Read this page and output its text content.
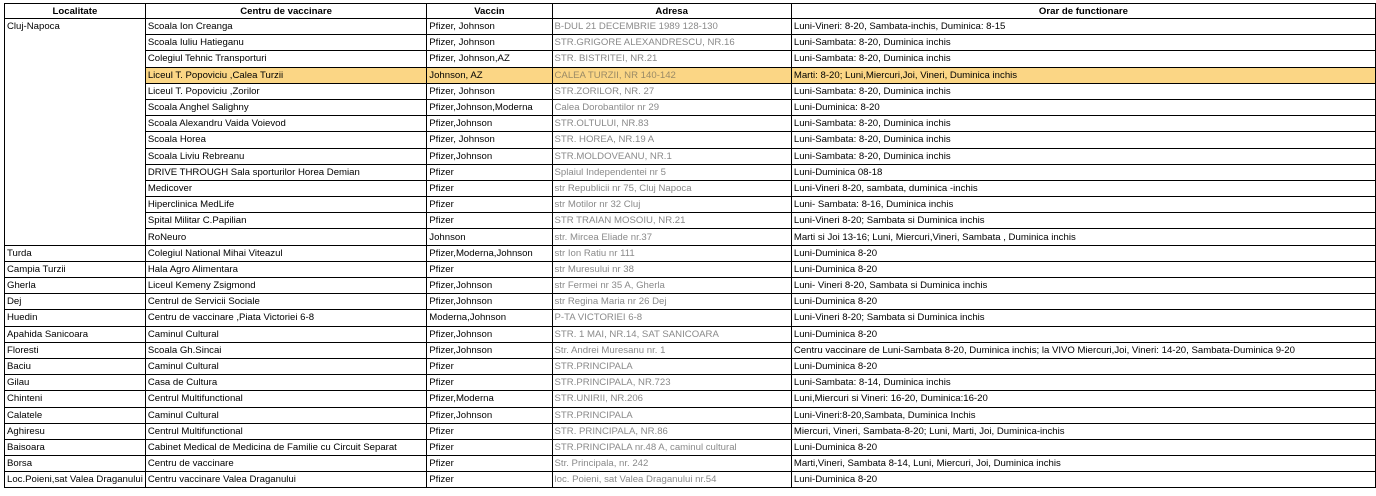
Localitate	Centru de vaccinare	Vaccin	Adresa	Orar de functionare
Cluj-Napoca	Scoala Ion Creanga	Pfizer, Johnson	B-DUL 21 DECEMBRIE 1989 128-130	Luni-Vineri: 8-20, Sambata-inchis, Duminica: 8-15
	Scoala Iuliu Hatieganu	Pfizer, Johnson	STR.GRIGORE ALEXANDRESCU, NR.16	Luni-Sambata: 8-20, Duminica inchis
	Colegiul Tehnic Transporturi	Pfizer, Johnson,AZ	STR. BISTRITEI, NR.21	Luni-Sambata: 8-20, Duminica inchis
	Liceul T. Popoviciu ,Calea Turzii	Johnson, AZ	CALEA TURZII, NR 140-142	Marti: 8-20; Luni,Miercuri,Joi, Vineri, Duminica inchis
	Liceul T. Popoviciu ,Zorilor	Pfizer, Johnson	STR.ZORILOR, NR. 27	Luni-Sambata: 8-20, Duminica inchis
	Scoala Anghel Salighny	Pfizer,Johnson,Moderna	Calea Dorobantilor nr 29	Luni-Duminica: 8-20
	Scoala Alexandru Vaida Voievod	Pfizer,Johnson	STR.OLTULUI, NR.83	Luni-Sambata: 8-20, Duminica inchis
	Scoala Horea	Pfizer, Johnson	STR. HOREA, NR.19 A	Luni-Sambata: 8-20, Duminica inchis
	Scoala Liviu Rebreanu	Pfizer,Johnson	STR.MOLDOVEANU, NR.1	Luni-Sambata: 8-20, Duminica inchis
	DRIVE THROUGH Sala sporturilor Horea Demian	Pfizer	Splaiul Independentei nr 5	Luni-Duminica 08-18
	Medicover	Pfizer	str Republicii nr 75, Cluj Napoca	Luni-Vineri 8-20, sambata, duminica -inchis
	Hiperclinica MedLife	Pfizer	str Motilor nr 32 Cluj	Luni- Sambata: 8-16, Duminica inchis
	Spital Militar C.Papilian	Pfizer	STR TRAIAN MOSOIU, NR.21	Luni-Vineri 8-20; Sambata si Duminica inchis
	RoNeuro	Johnson	str. Mircea Eliade nr.37	Marti si Joi 13-16; Luni, Miercuri,Vineri, Sambata , Duminica inchis
Turda	Colegiul National Mihai Viteazul	Pfizer,Moderna,Johnson	str Ion Ratiu nr 111	Luni-Duminica 8-20
Campia Turzii	Hala Agro Alimentara	Pfizer	str Muresului nr 38	Luni-Duminica 8-20
Gherla	Liceul Kemeny Zsigmond	Pfizer,Johnson	str Fermei nr 35 A, Gherla	Luni- Vineri 8-20, Sambata si Duminica inchis
Dej	Centrul de Servicii Sociale	Pfizer,Johnson	str Regina Maria nr 26 Dej	Luni-Duminica 8-20
Huedin	Centru de vaccinare ,Piata Victoriei 6-8	Moderna,Johnson	P-TA VICTORIEI 6-8	Luni-Vineri 8-20; Sambata si Duminica inchis
Apahida Sanicoara	Caminul Cultural	Pfizer,Johnson	STR. 1 MAI, NR.14, SAT SANICOARA	Luni-Duminica 8-20
Floresti	Scoala Gh.Sincai	Pfizer,Johnson	Str. Andrei Muresanu nr. 1	Centru vaccinare de Luni-Sambata 8-20, Duminica inchis; la VIVO Miercuri,Joi, Vineri: 14-20, Sambata-Duminica 9-20
Baciu	Caminul Cultural	Pfizer	STR.PRINCIPALA	Luni-Duminica 8-20
Gilau	Casa de Cultura	Pfizer	STR.PRINCIPALA, NR.723	Luni-Sambata: 8-14, Duminica inchis
Chinteni	Centrul Multifunctional	Pfizer,Moderna	STR.UNIRII, NR.206	Luni,Miercuri si Vineri: 16-20, Duminica:16-20
Calatele	Caminul Cultural	Pfizer,Johnson	STR.PRINCIPALA	Luni-Vineri:8-20,Sambata, Duminica Inchis
Aghiresu	Centrul Multifunctional	Pfizer	STR. PRINCIPALA, NR.86	Miercuri, Vineri, Sambata-8-20; Luni, Marti, Joi, Duminica-inchis
Baisoara	Cabinet Medical de Medicina de Familie cu Circuit Separat	Pfizer	STR.PRINCIPALA nr.48 A, caminul cultural	Luni-Duminica 8-20
Borsa	Centru de vaccinare	Pfizer	Str. Principala, nr. 242	Marti,Vineri, Sambata 8-14, Luni, Miercuri, Joi, Duminica inchis
Loc.Poieni,sat Valea Draganului	Centru vaccinare Valea Draganului	Pfizer	loc. Poieni, sat Valea Draganului nr.54	Luni-Duminica 8-20
